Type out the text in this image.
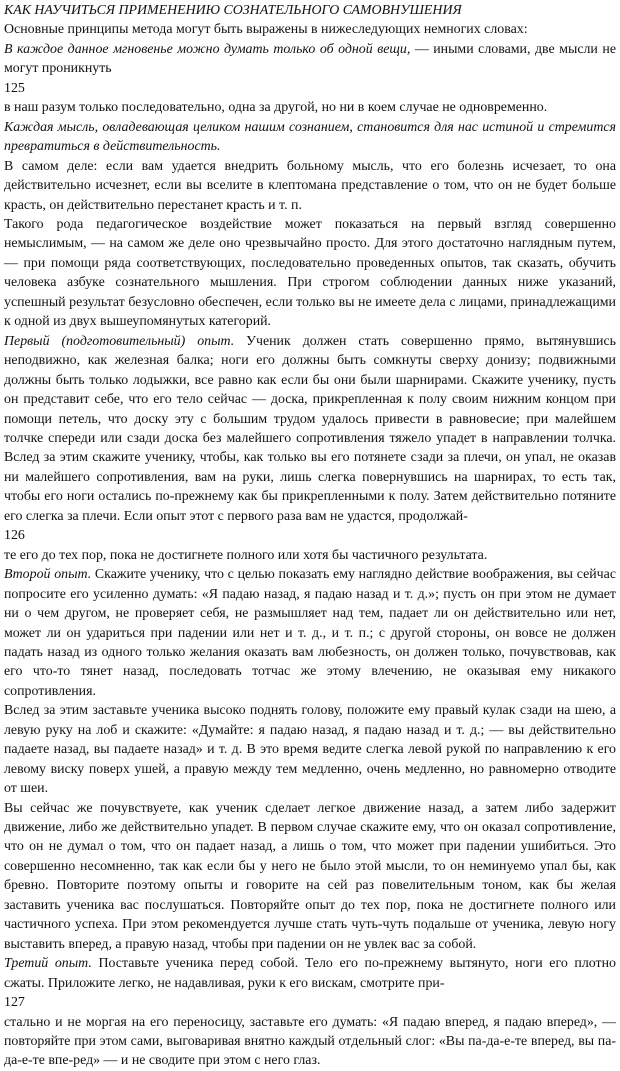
КАК НАУЧИТЬСЯ ПРИМЕНЕНИЮ СОЗНАТЕЛЬНОГО САМОВНУШЕНИЯ

Основные принципы метода могут быть выражены в нижеследующих немногих словах:

В каждое данное мгновенье можно думать только об одной вещи, — иными словами, две мысли не могут проникнуть

125

в наш разум только последовательно, одна за другой, но ни в коем случае не одновременно.

Каждая мысль, овладевающая целиком нашим сознанием, становится для нас истиной и стремится превратиться в действительность.

В самом деле: если вам удается внедрить больному мысль, что его болезнь исчезает, то она действительно исчезнет, если вы вселите в клептомана представление о том, что он не будет больше красть, он действительно перестанет красть и т. п.

Такого рода педагогическое воздействие может показаться на первый взгляд совершенно немыслимым, — на самом же деле оно чрезвычайно просто. Для этого достаточно наглядным путем, — при помощи ряда соответствующих, последовательно проведенных опытов, так сказать, обучить человека азбуке сознательного мышления. При строгом соблюдении данных ниже указаний, успешный результат безусловно обеспечен, если только вы не имеете дела с лицами, принадлежащими к одной из двух вышеупомянутых категорий.

Первый (подготовительный) опыт. Ученик должен стать совершенно прямо, вытянувшись неподвижно, как железная балка; ноги его должны быть сомкнуты сверху донизу; подвижными должны быть только лодыжки, все равно как если бы они были шарнирами. Скажите ученику, пусть он представит себе, что его тело сейчас — доска, прикрепленная к полу своим нижним концом при помощи петель, что доску эту с большим трудом удалось привести в равновесие; при малейшем толчке спереди или сзади доска без малейшего сопротивления тяжело упадет в направлении толчка. Вслед за этим скажите ученику, чтобы, как только вы его потянете сзади за плечи, он упал, не оказав ни малейшего сопротивления, вам на руки, лишь слегка повернувшись на шарнирах, то есть так, чтобы его ноги остались по-прежнему как бы прикрепленными к полу. Затем действительно потяните его слегка за плечи. Если опыт этот с первого раза вам не удастся, продолжай-

126

те его до тех пор, пока не достигнете полного или хотя бы частичного результата.

Второй опыт. Скажите ученику, что с целью показать ему наглядно действие воображения, вы сейчас попросите его усиленно думать: «Я падаю назад, я падаю назад и т. д.»; пусть он при этом не думает ни о чем другом, не проверяет себя, не размышляет над тем, падает ли он действительно или нет, может ли он удариться при падении или нет и т. д., и т. п.; с другой стороны, он вовсе не должен падать назад из одного только желания оказать вам любезность, он должен только, почувствовав, как его что-то тянет назад, последовать тотчас же этому влечению, не оказывая ему никакого сопротивления.

Вслед за этим заставьте ученика высоко поднять голову, положите ему правый кулак сзади на шею, а левую руку на лоб и скажите: «Думайте: я падаю назад, я падаю назад и т. д.; — вы действительно падаете назад, вы падаете назад» и т. д. В это время ведите слегка левой рукой по направлению к его левому виску поверх ушей, а правую между тем медленно, очень медленно, но равномерно отводите от шеи.

Вы сейчас же почувствуете, как ученик сделает легкое движение назад, а затем либо задержит движение, либо же действительно упадет. В первом случае скажите ему, что он оказал сопротивление, что он не думал о том, что он падает назад, а лишь о том, что может при падении ушибиться. Это совершенно несомненно, так как если бы у него не было этой мысли, то он неминуемо упал бы, как бревно. Повторите поэтому опыты и говорите на сей раз повелительным тоном, как бы желая заставить ученика вас послушаться. Повторяйте опыт до тех пор, пока не достигнете полного или частичного успеха. При этом рекомендуется лучше стать чуть-чуть подальше от ученика, левую ногу выставить вперед, а правую назад, чтобы при падении он не увлек вас за собой.

Третий опыт. Поставьте ученика перед собой. Тело его по-прежнему вытянуто, ноги его плотно сжаты. Приложите легко, не надавливая, руки к его вискам, смотрите при-

127

стально и не моргая на его переносицу, заставьте его думать: «Я падаю вперед, я падаю вперед», — повторяйте при этом сами, выговаривая внятно каждый отдельный слог: «Вы па-да-е-те вперед, вы па-да-е-те впе-ред» — и не сводите при этом с него глаз.
